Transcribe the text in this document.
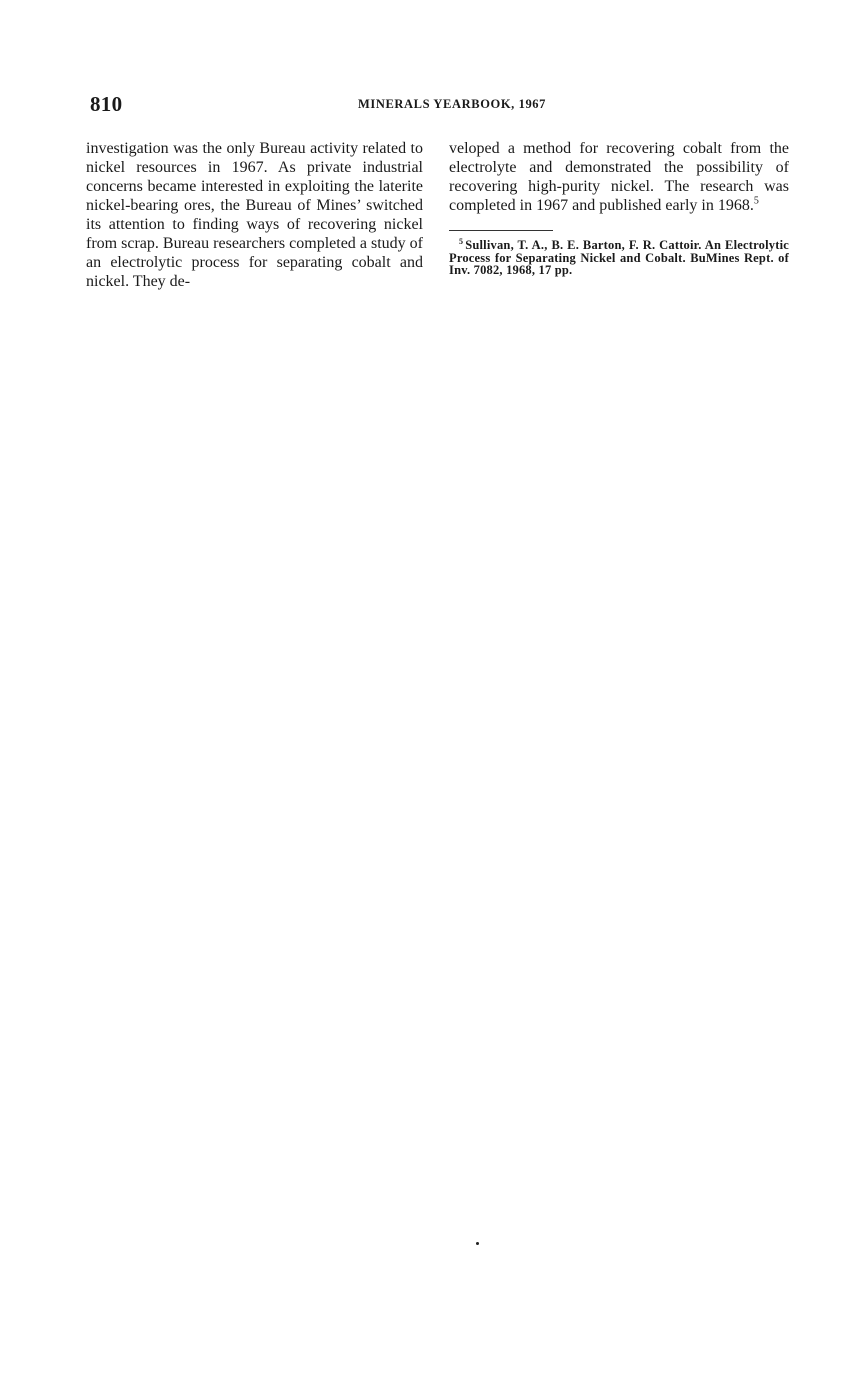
810	MINERALS YEARBOOK, 1967

investigation was the only Bureau activity related to nickel resources in 1967. As private industrial concerns became interested in exploiting the laterite nickel-bearing ores, the Bureau of Mines’ switched its attention to finding ways of recovering nickel from scrap. Bureau researchers completed a study of an electrolytic process for separating cobalt and nickel. They de-

veloped a method for recovering cobalt from the electrolyte and demonstrated the possibility of recovering high-purity nickel. The research was completed in 1967 and published early in 1968.$^5$

$^5$ Sullivan, T. A., B. E. Barton, F. R. Cattoir. An Electrolytic Process for Separating Nickel and Cobalt. BuMines Rept. of Inv. 7082, 1968, 17 pp.
